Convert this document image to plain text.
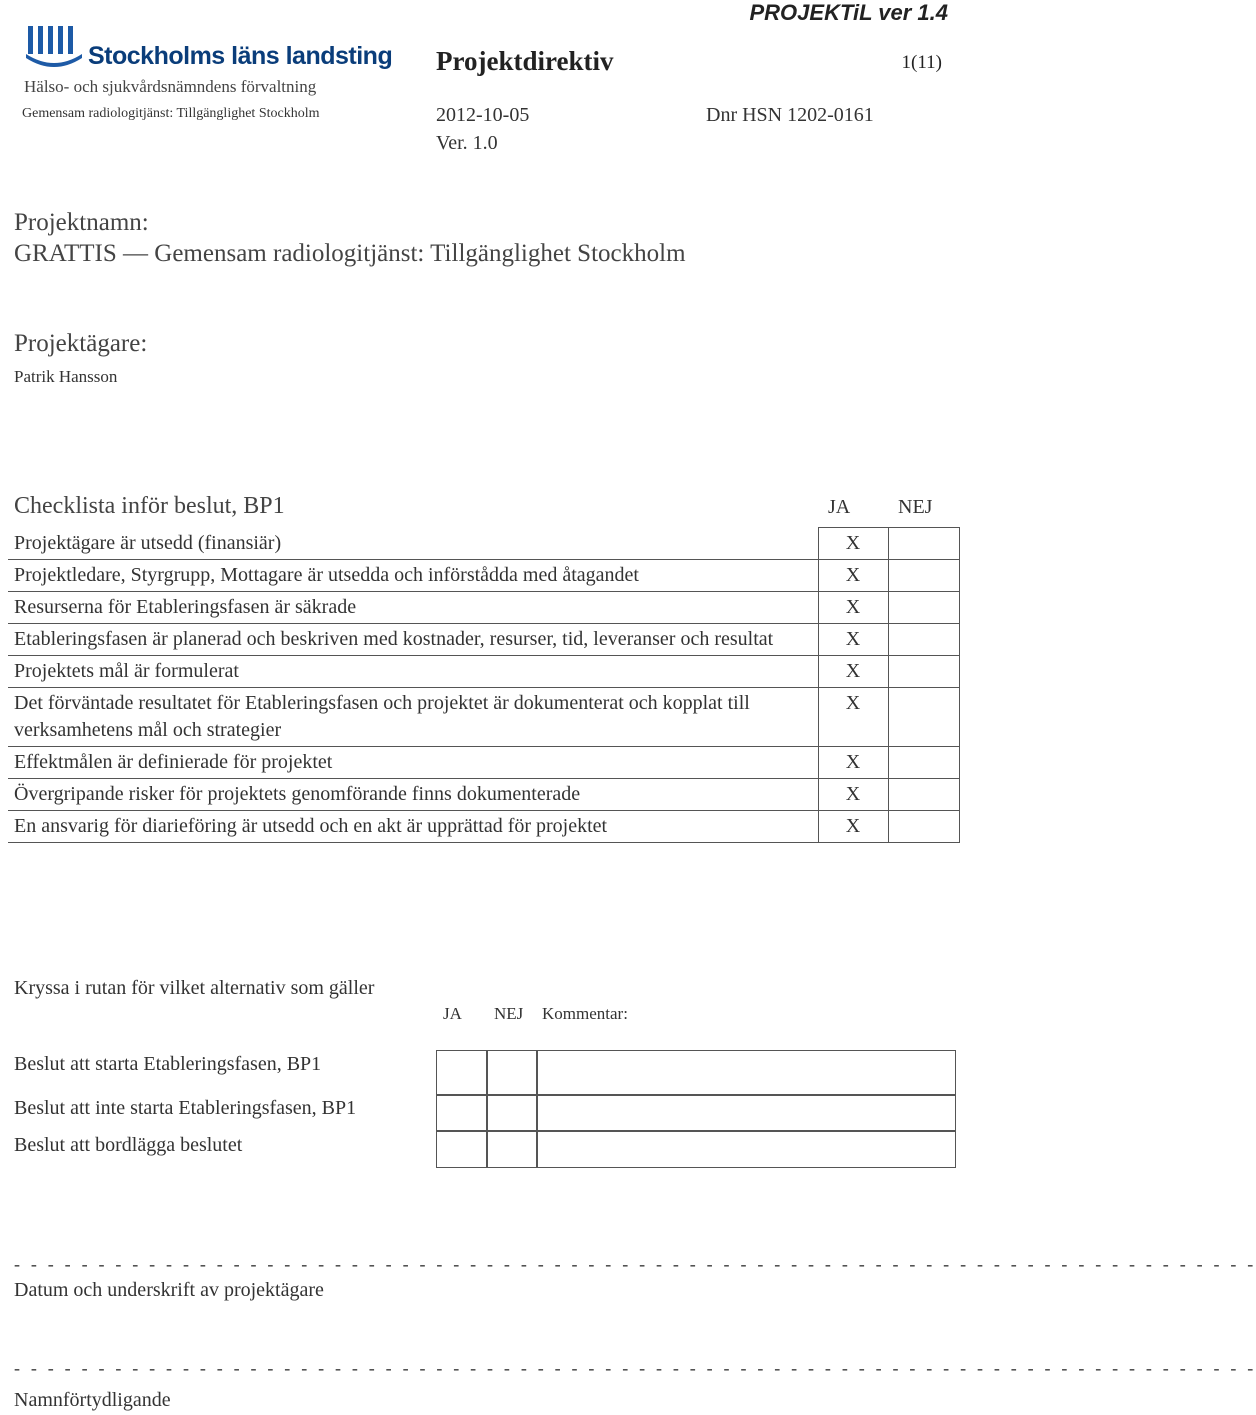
PROJEKTiL ver 1.4
Stockholms läns landsting
Hälso- och sjukvårdsnämndens förvaltning
Gemensam radiologitjänst: Tillgänglighet Stockholm
Projektdirektiv	1(11)
2012-10-05	Dnr HSN 1202-0161
Ver. 1.0
Projektnamn:
GRATTIS — Gemensam radiologitjänst: Tillgänglighet Stockholm
Projektägare:
Patrik Hansson
Checklista inför beslut, BP1	JA NEJ
Projektägare är utsedd (finansiär)	X	
Projektledare, Styrgrupp, Mottagare är utsedda och införstådda med åtagandet	X	
Resurserna för Etableringsfasen är säkrade	X	
Etableringsfasen är planerad och beskriven med kostnader, resurser, tid, leveranser och resultat	X	
Projektets mål är formulerat	X	
Det förväntade resultatet för Etableringsfasen och projektet är dokumenterat och kopplat till verksamhetens mål och strategier	X	
Effektmålen är definierade för projektet	X	
Övergripande risker för projektets genomförande finns dokumenterade	X	
En ansvarig för diarieföring är utsedd och en akt är upprättad för projektet	X	
Kryssa i rutan för vilket alternativ som gäller
JA NEJ Kommentar:
Beslut att starta Etableringsfasen, BP1
Beslut att inte starta Etableringsfasen, BP1
Beslut att bordlägga beslutet
- - - - - - - - - - - - - - - - - - - - - - - - - - - - - - - - - - - - - - - - - - - - - - - - - - - - - - - - - - - - - - - - - - - - - - - - - -
Datum och underskrift av projektägare
- - - - - - - - - - - - - - - - - - - - - - - - - - - - - - - - - - - - - - - - - - - - - - - - - - - - - - - - - - - - - - - - - - - - - - - - - -
Namnförtydligande
